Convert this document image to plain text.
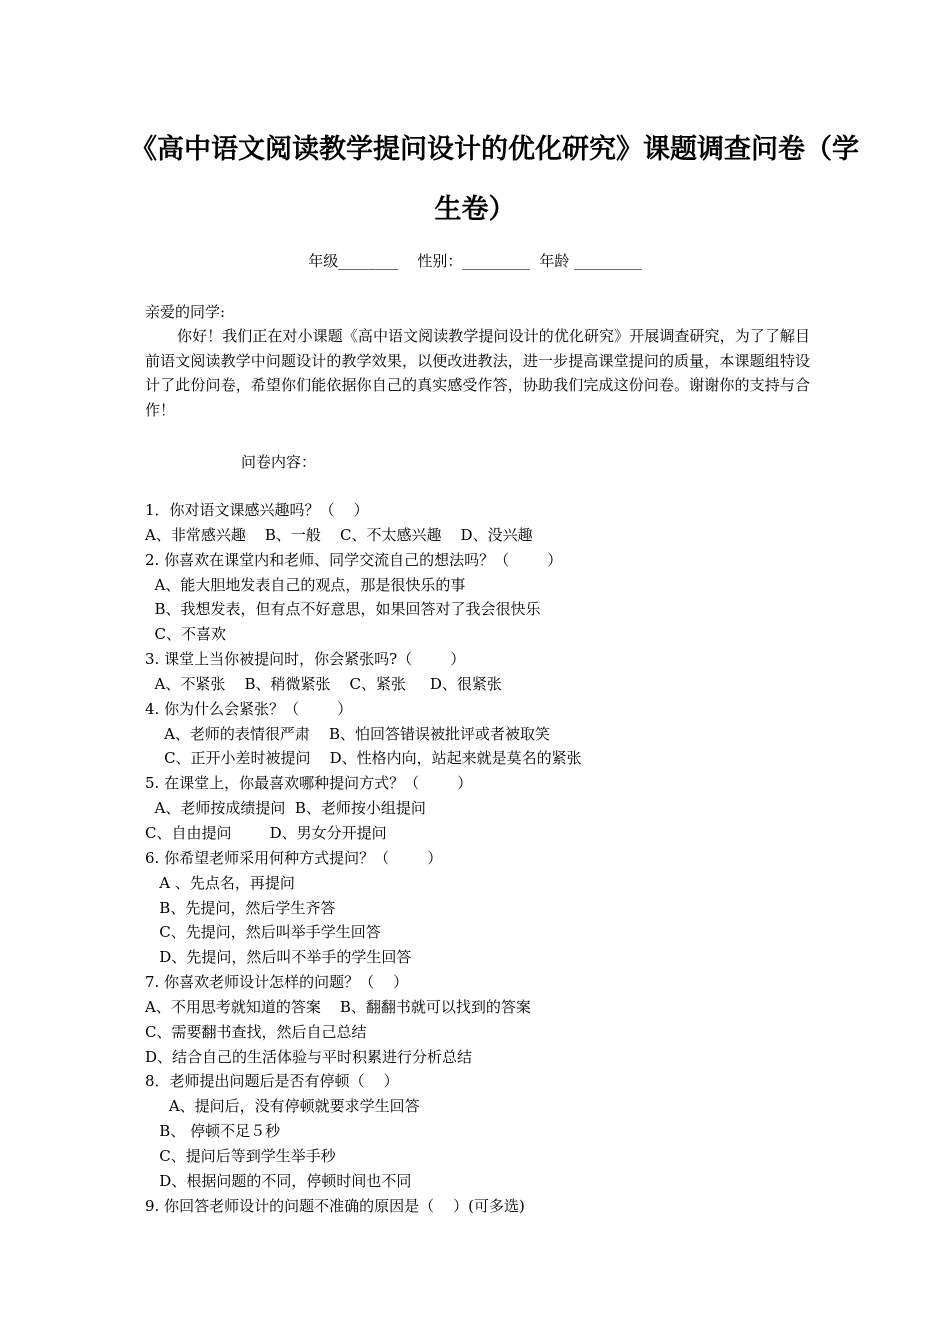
《高中语文阅读教学提问设计的优化研究》课题调查问卷（学
生卷）
年级________    性别：_________  年龄 _________
亲爱的同学:
你好！我们正在对小课题《高中语文阅读教学提问设计的优化研究》开展调查研究，为了了解目前语文阅读教学中问题设计的教学效果，以便改进教法，进一步提高课堂提问的质量，本课题组特设计了此份问卷，希望你们能依据你自己的真实感受作答，协助我们完成这份问卷。谢谢你的支持与合作！
问卷内容：
1．你对语文课感兴趣吗？（    ）
A、非常感兴趣    B、一般    C、不太感兴趣    D、没兴趣
2. 你喜欢在课堂内和老师、同学交流自己的想法吗？（        ）
A、能大胆地发表自己的观点，那是很快乐的事
B、我想发表，但有点不好意思，如果回答对了我会很快乐
C、不喜欢
3. 课堂上当你被提问时，你会紧张吗?（        ）
A、不紧张    B、稍微紧张    C、紧张     D、很紧张
4. 你为什么会紧张？（        ）
A、老师的表情很严肃    B、怕回答错误被批评或者被取笑
C、正开小差时被提问    D、性格内向，站起来就是莫名的紧张
5. 在课堂上，你最喜欢哪种提问方式？（        ）
A、老师按成绩提问  B、老师按小组提问
C、自由提问        D、男女分开提问
6. 你希望老师采用何种方式提问？（        ）
A 、先点名，再提问
B、先提问，然后学生齐答
C、先提问，然后叫举手学生回答
D、先提问，然后叫不举手的学生回答
7. 你喜欢老师设计怎样的问题？（    ）
A、不用思考就知道的答案    B、翻翻书就可以找到的答案
C、需要翻书查找，然后自己总结
D、结合自己的生活体验与平时积累进行分析总结
8．老师提出问题后是否有停顿（    ）
A、提问后，没有停顿就要求学生回答
B、 停顿不足５秒
C、提问后等到学生举手秒
D、根据问题的不同，停顿时间也不同
9. 你回答老师设计的问题不准确的原因是（    ）(可多选)
